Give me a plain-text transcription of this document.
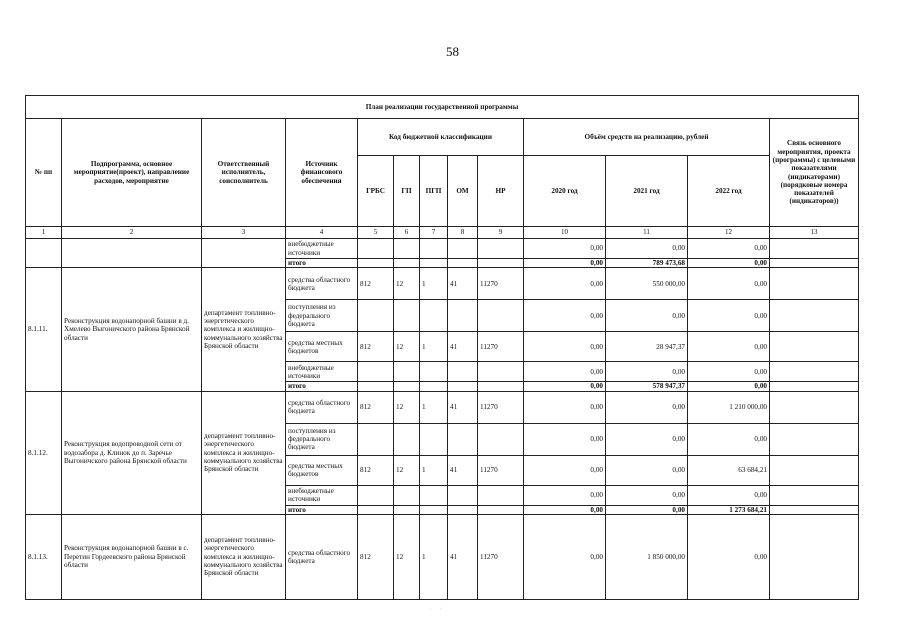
58
План реализации государственной программы												
№ пп	Подпрограмма, основное мероприятие(проект), направление расходов, мероприятие	Ответственный исполнитель, соисполнитель	Источник финансового обеспечения	Код бюджетной классификации					Объём средств на реализацию, рублей			Связь основного мероприятия, проекта (программы) с целевыми показателями (индикаторами) (порядковые номера показателей (индикаторов))
				ГРБС	ГП	ПГП	ОМ	НР	2020 год	2021 год	2022 год	
1	2	3	4	5	6	7	8	9	10	11	12	13
			внебюджетные источники						0,00	0,00	0,00	
			итого						0,00	789 473,68	0,00	
8.1.11.	Реконструкция водонапорной башни в д. Хмелево Выгоничского района Брянской области	департамент топливно-энергетического комплекса и жилищно-коммунального хозяйства Брянской области	средства областного бюджета	812	12	1	41	11270	0,00	550 000,00	0,00	
			поступления из федерального бюджета						0,00	0,00	0,00	
			средства местных бюджетов	812	12	1	41	11270	0,00	28 947,37	0,00	
			внебюджетные источники						0,00	0,00	0,00	
			итого						0,00	578 947,37	0,00	
8.1.12.	Реконструкция водопроводной сети от водозабора д. Клинок до п. Заречье Выгоничского района Брянской области	департамент топливно-энергетического комплекса и жилищно-коммунального хозяйства Брянской области	средства областного бюджета	812	12	1	41	11270	0,00	0,00	1 210 000,00	
			поступления из федерального бюджета						0,00	0,00	0,00	
			средства местных бюджетов	812	12	1	41	11270	0,00	0,00	63 684,21	
			внебюджетные источники						0,00	0,00	0,00	
			итого						0,00	0,00	1 273 684,21	
8.1.13.	Реконструкция водонапорной башни в с. Перетин Гордеевского района Брянской области	департамент топливно-энергетического комплекса и жилищно-коммунального хозяйства Брянской области	средства областного бюджета	812	12	1	41	11270	0,00	1 850 000,00	0,00	
· ·
